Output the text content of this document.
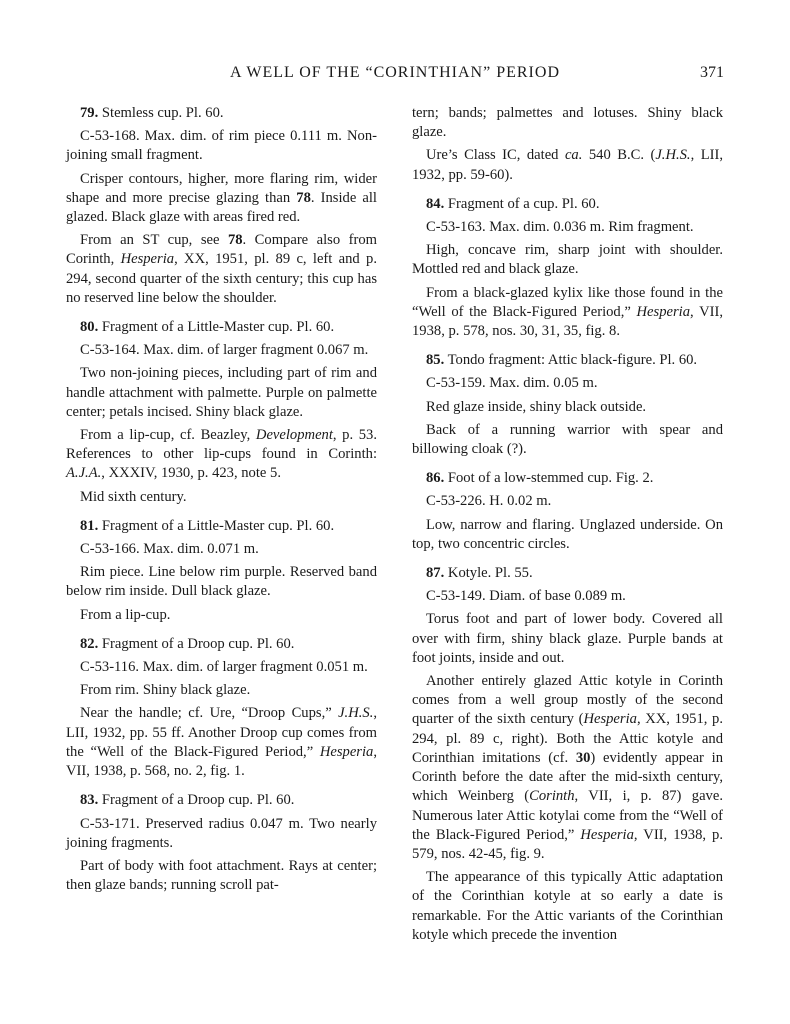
A WELL OF THE “CORINTHIAN” PERIOD	371

79. Stemless cup. Pl. 60.

C-53-168. Max. dim. of rim piece 0.111 m. Non-joining small fragment.

Crisper contours, higher, more flaring rim, wider shape and more precise glazing than 78. Inside all glazed. Black glaze with areas fired red.

From an ST cup, see 78. Compare also from Corinth, Hesperia, XX, 1951, pl. 89 c, left and p. 294, second quarter of the sixth century; this cup has no reserved line below the shoulder.

80. Fragment of a Little-Master cup. Pl. 60.

C-53-164. Max. dim. of larger fragment 0.067 m.

Two non-joining pieces, including part of rim and handle attachment with palmette. Purple on palmette center; petals incised. Shiny black glaze.

From a lip-cup, cf. Beazley, Development, p. 53. References to other lip-cups found in Corinth: A.J.A., XXXIV, 1930, p. 423, note 5.

Mid sixth century.

81. Fragment of a Little-Master cup. Pl. 60.

C-53-166. Max. dim. 0.071 m.

Rim piece. Line below rim purple. Reserved band below rim inside. Dull black glaze.

From a lip-cup.

82. Fragment of a Droop cup. Pl. 60.

C-53-116. Max. dim. of larger fragment 0.051 m.

From rim. Shiny black glaze.

Near the handle; cf. Ure, “Droop Cups,” J.H.S., LII, 1932, pp. 55 ff. Another Droop cup comes from the “Well of the Black-Figured Period,” Hesperia, VII, 1938, p. 568, no. 2, fig. 1.

83. Fragment of a Droop cup. Pl. 60.

C-53-171. Preserved radius 0.047 m. Two nearly joining fragments.

Part of body with foot attachment. Rays at center; then glaze bands; running scroll pat-

tern; bands; palmettes and lotuses. Shiny black glaze.

Ure’s Class IC, dated ca. 540 B.C. (J.H.S., LII, 1932, pp. 59-60).

84. Fragment of a cup. Pl. 60.

C-53-163. Max. dim. 0.036 m. Rim fragment.

High, concave rim, sharp joint with shoulder. Mottled red and black glaze.

From a black-glazed kylix like those found in the “Well of the Black-Figured Period,” Hesperia, VII, 1938, p. 578, nos. 30, 31, 35, fig. 8.

85. Tondo fragment: Attic black-figure. Pl. 60.

C-53-159. Max. dim. 0.05 m.

Red glaze inside, shiny black outside.

Back of a running warrior with spear and billowing cloak (?).

86. Foot of a low-stemmed cup. Fig. 2.

C-53-226. H. 0.02 m.

Low, narrow and flaring. Unglazed underside. On top, two concentric circles.

87. Kotyle. Pl. 55.

C-53-149. Diam. of base 0.089 m.

Torus foot and part of lower body. Covered all over with firm, shiny black glaze. Purple bands at foot joints, inside and out.

Another entirely glazed Attic kotyle in Corinth comes from a well group mostly of the second quarter of the sixth century (Hesperia, XX, 1951, p. 294, pl. 89 c, right). Both the Attic kotyle and Corinthian imitations (cf. 30) evidently appear in Corinth before the date after the mid-sixth century, which Weinberg (Corinth, VII, i, p. 87) gave. Numerous later Attic kotylai come from the “Well of the Black-Figured Period,” Hesperia, VII, 1938, p. 579, nos. 42-45, fig. 9.

The appearance of this typically Attic adaptation of the Corinthian kotyle at so early a date is remarkable. For the Attic variants of the Corinthian kotyle which precede the invention
